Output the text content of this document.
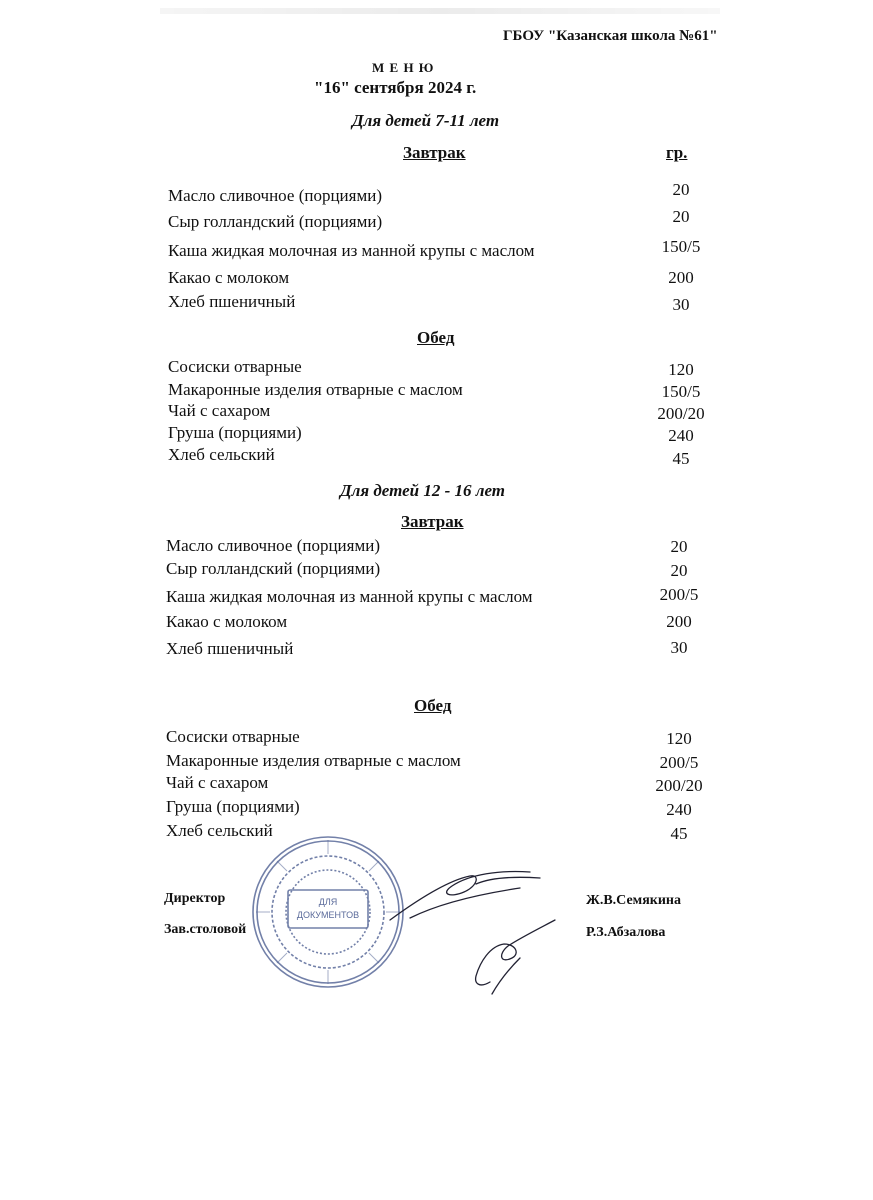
ГБОУ "Казанская школа №61"
М Е Н Ю
"16" сентября 2024 г.
Для детей 7-11 лет
Завтрак	гр.
Масло сливочное (порциями)	20
Сыр голландский (порциями)	20
Каша жидкая молочная из манной крупы с маслом	150/5
Какао с молоком	200
Хлеб пшеничный	30
Обед
Сосиски отварные	120
Макаронные изделия отварные с маслом	150/5
Чай с сахаром	200/20
Груша (порциями)	240
Хлеб сельский	45
Для детей 12 - 16 лет
Завтрак
Масло сливочное (порциями)	20
Сыр голландский (порциями)	20
Каша жидкая молочная из манной крупы с маслом	200/5
Какао с молоком	200
Хлеб пшеничный	30
Обед
Сосиски отварные	120
Макаронные изделия отварные с маслом	200/5
Чай с сахаром	200/20
Груша (порциями)	240
Хлеб сельский	45
ДЛЯ
ДОКУМЕНТОВ
Директор	Ж.В.Семякина
Зав.столовой	Р.З.Абзалова
